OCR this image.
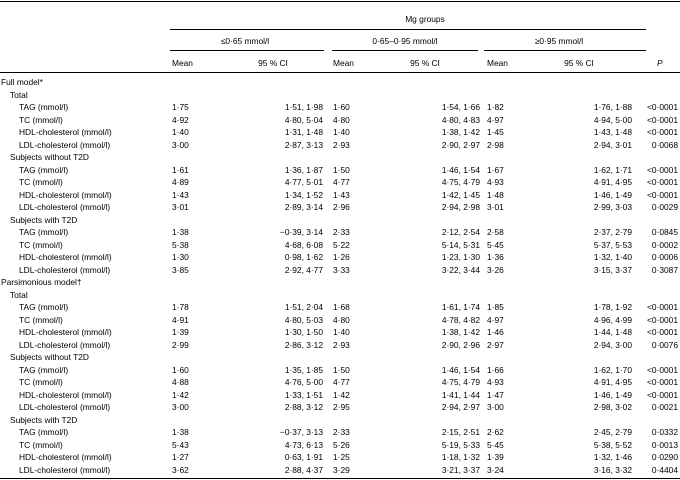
Mg groups
≤0·65 mmol/l	0·65–0·95 mmol/l	≥0·95 mmol/l
Mean	95 % CI	Mean	95 % CI	Mean	95 % CI	P
Full model*
Total
TAG (mmol/l)	1·75	1·51, 1·98 1·60	1·54, 1·66 1·82	1·76, 1·88 <0·0001
TC (mmol/l)	4·92	4·80, 5·04 4·80	4·80, 4·83 4·97	4·94, 5·00 <0·0001
HDL-cholesterol (mmol/l)	1·40	1·31, 1·48 1·40	1·38, 1·42 1·45	1·43, 1·48 <0·0001
LDL-cholesterol (mmol/l)	3·00	2·87, 3·13 2·93	2·90, 2·97 2·98	2·94, 3·01 0·0068
Subjects without T2D
TAG (mmol/l)	1·61	1·36, 1·87 1·50	1·46, 1·54 1·67	1·62, 1·71 <0·0001
TC (mmol/l)	4·89	4·77, 5·01 4·77	4·75, 4·79 4·93	4·91, 4·95 <0·0001
HDL-cholesterol (mmol/l)	1·43	1·34, 1·52 1·43	1·42, 1·45 1·48	1·46, 1·49 <0·0001
LDL-cholesterol (mmol/l)	3·01	2·89, 3·14 2·96	2·94, 2·98 3·01	2·99, 3·03 0·0029
Subjects with T2D
TAG (mmol/l)	1·38	−0·39, 3·14 2·33	2·12, 2·54 2·58	2·37, 2·79 0·0845
TC (mmol/l)	5·38	4·68, 6·08 5·22	5·14, 5·31 5·45	5·37, 5·53 0·0002
HDL-cholesterol (mmol/l)	1·30	0·98, 1·62 1·26	1·23, 1·30 1·36	1·32, 1·40 0·0006
LDL-cholesterol (mmol/l)	3·85	2·92, 4·77 3·33	3·22, 3·44 3·26	3·15, 3·37 0·3087
Parsimonious model†
Total
TAG (mmol/l)	1·78	1·51, 2·04 1·68	1·61, 1·74 1·85	1·78, 1·92 <0·0001
TC (mmol/l)	4·91	4·80, 5·03 4·80	4·78, 4·82 4·97	4·96, 4·99 <0·0001
HDL-cholesterol (mmol/l)	1·39	1·30, 1·50 1·40	1·38, 1·42 1·46	1·44, 1·48 <0·0001
LDL-cholesterol (mmol/l)	2·99	2·86, 3·12 2·93	2·90, 2·96 2·97	2·94, 3·00 0·0076
Subjects without T2D
TAG (mmol/l)	1·60	1·35, 1·85 1·50	1·46, 1·54 1·66	1·62, 1·70 <0·0001
TC (mmol/l)	4·88	4·76, 5·00 4·77	4·75, 4·79 4·93	4·91, 4·95 <0·0001
HDL-cholesterol (mmol/l)	1·42	1·33, 1·51 1·42	1·41, 1·44 1·47	1·46, 1·49 <0·0001
LDL-cholesterol (mmol/l)	3·00	2·88, 3·12 2·95	2·94, 2·97 3·00	2·98, 3·02 0·0021
Subjects with T2D
TAG (mmol/l)	1·38	−0·37, 3·13 2·33	2·15, 2·51 2·62	2·45, 2·79 0·0332
TC (mmol/l)	5·43	4·73, 6·13 5·26	5·19, 5·33 5·45	5·38, 5·52 0·0013
HDL-cholesterol (mmol/l)	1·27	0·63, 1·91 1·25	1·18, 1·32 1·39	1·32, 1·46 0·0290
LDL-cholesterol (mmol/l)	3·62	2·88, 4·37 3·29	3·21, 3·37 3·24	3·16, 3·32 0·4404
